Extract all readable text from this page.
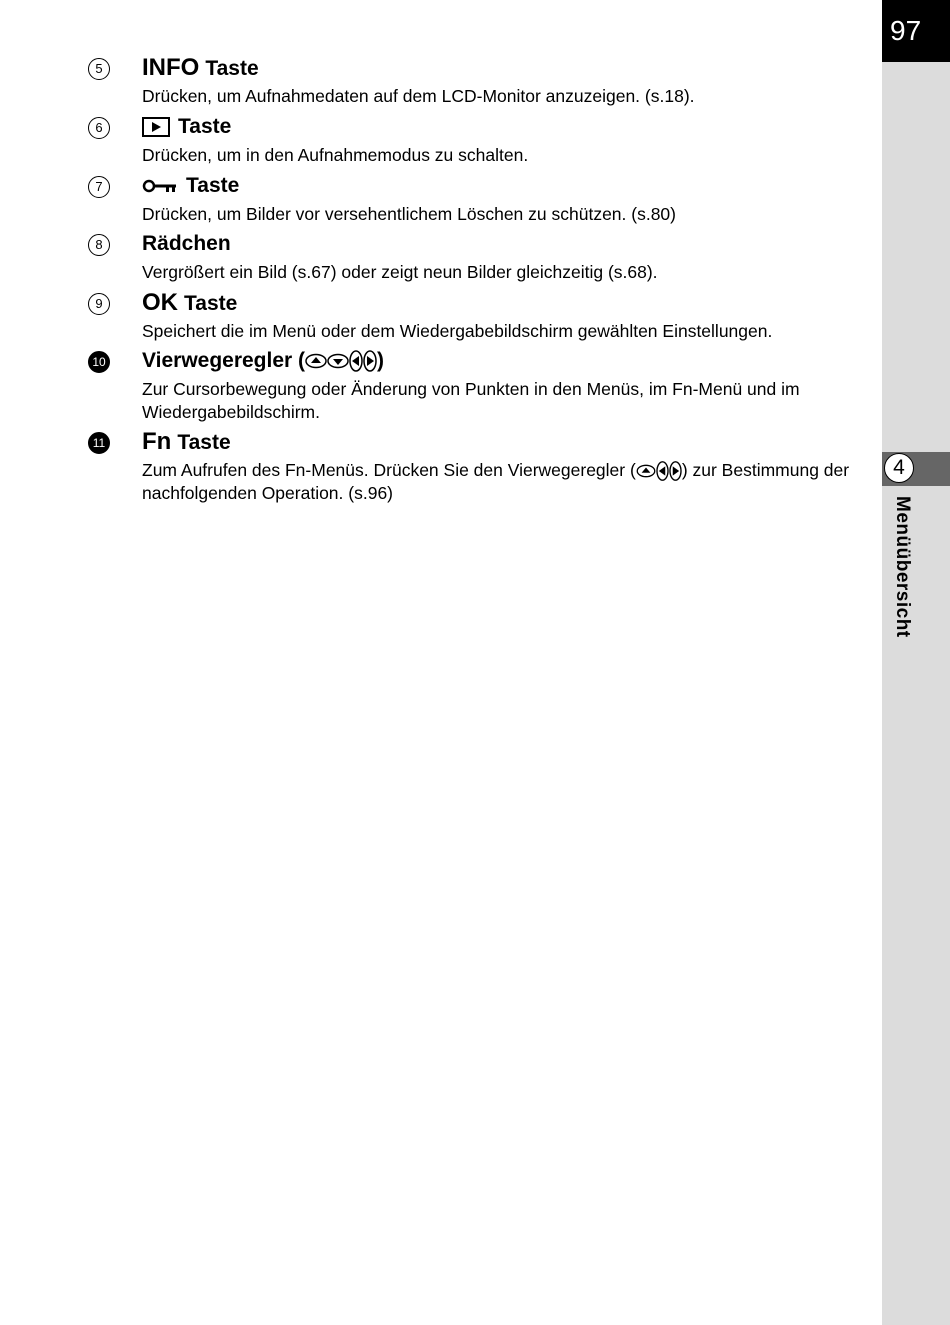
97
4
Menüübersicht
5	INFO Taste
Drücken, um Aufnahmedaten auf dem LCD-Monitor anzuzeigen. (s.18).
6	Taste
Drücken, um in den Aufnahmemodus zu schalten.
7	Taste
Drücken, um Bilder vor versehentlichem Löschen zu schützen. (s.80)
8	Rädchen
Vergrößert ein Bild (s.67) oder zeigt neun Bilder gleichzeitig (s.68).
9	OK Taste
Speichert die im Menü oder dem Wiedergabebildschirm gewählten Einstellungen.
10 Vierwegeregler (	)
Zur Cursorbewegung oder Änderung von Punkten in den Menüs, im Fn-Menü und im Wiedergabebildschirm.
11 Fn Taste
Zum Aufrufen des Fn-Menüs. Drücken Sie den Vierwegeregler (	) zur Bestimmung der nachfolgenden Operation. (s.96)
